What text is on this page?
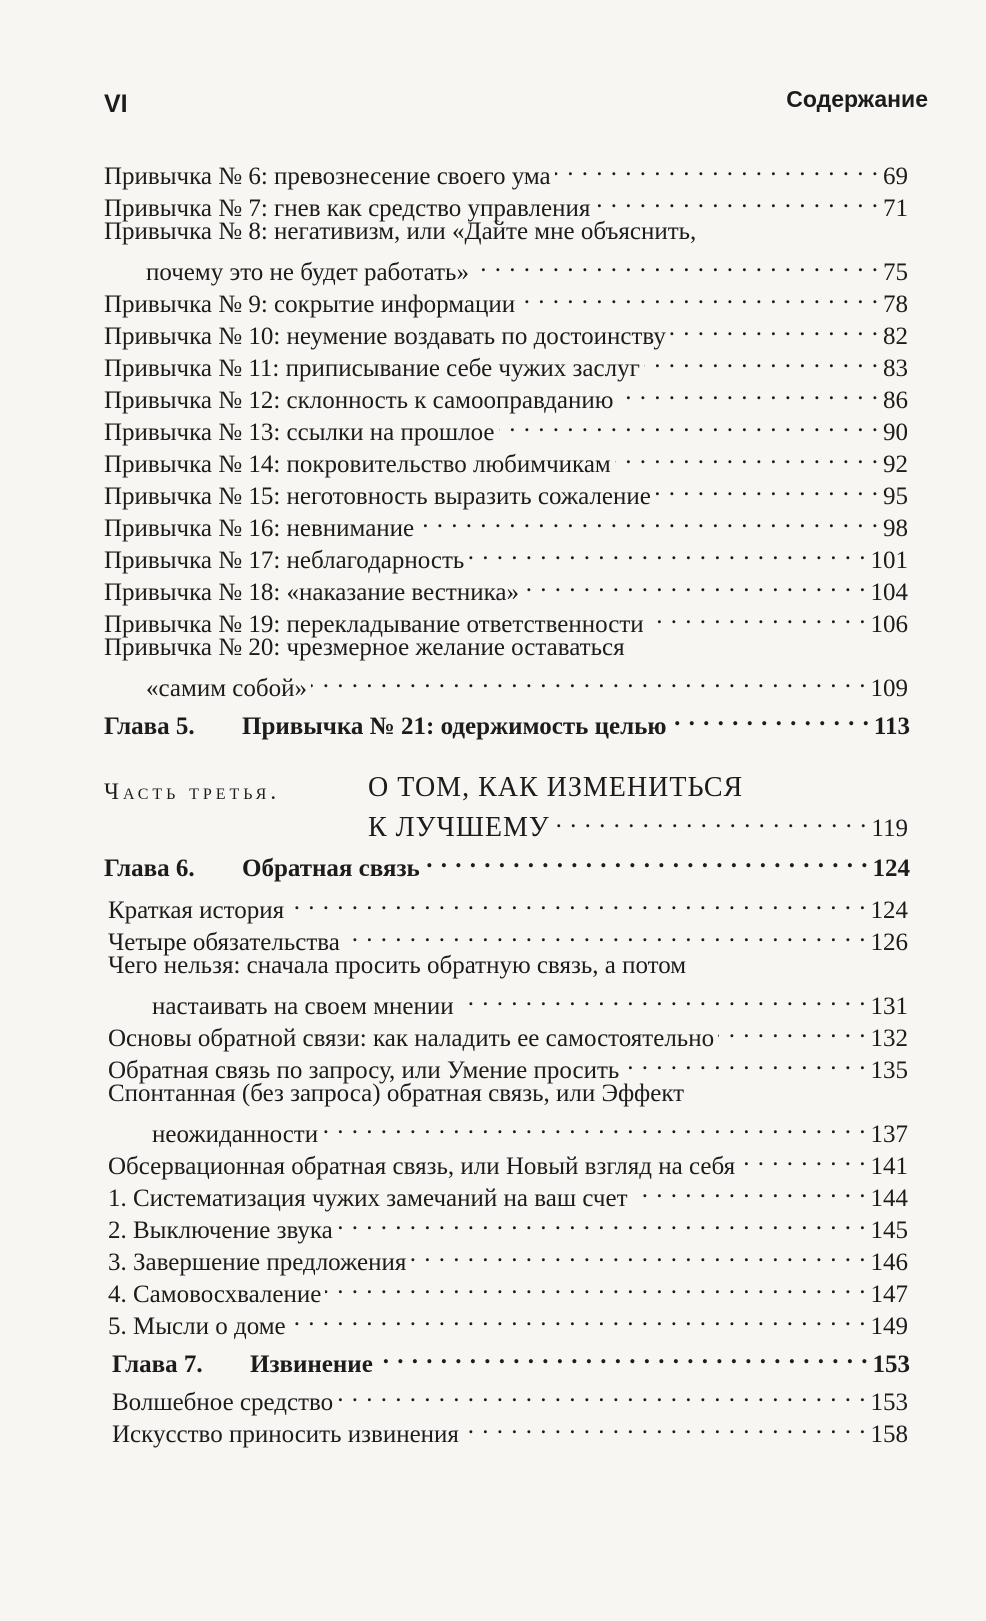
VI	Содержание
Привычка № 6: превознесение своего ума . . .	69
Привычка № 7: гнев как средство управления . . .	71
Привычка № 8: негативизм, или «Дайте мне объяснить,
почему это не будет работать» . . .	75
Привычка № 9: сокрытие информации . . .	78
Привычка № 10: неумение воздавать по достоинству . . .	82
Привычка № 11: приписывание себе чужих заслуг . . .	83
Привычка № 12: склонность к самооправданию . . .	86
Привычка № 13: ссылки на прошлое . . .	90
Привычка № 14: покровительство любимчикам . . .	92
Привычка № 15: неготовность выразить сожаление . . .	95
Привычка № 16: невнимание . . .	98
Привычка № 17: неблагодарность . . .	101
Привычка № 18: «наказание вестника» . . .	104
Привычка № 19: перекладывание ответственности . . .	106
Привычка № 20: чрезмерное желание оставаться
«самим собой» . . .	109
Глава 5. Привычка № 21: одержимость целью . . .	113
Часть третья.	О ТОМ, КАК ИЗМЕНИТЬСЯ
К ЛУЧШЕМУ . . .	119
Глава 6. Обратная связь . . .	124
Краткая история . . .	124
Четыре обязательства . . .	126
Чего нельзя: сначала просить обратную связь, а потом
настаивать на своем мнении . . .	131
Основы обратной связи: как наладить ее самостоятельно . . .	132
Обратная связь по запросу, или Умение просить . . .	135
Спонтанная (без запроса) обратная связь, или Эффект
неожиданности . . .	137
Обсервационная обратная связь, или Новый взгляд на себя . . .	141
1. Систематизация чужих замечаний на ваш счет . . .	144
2. Выключение звука . . .	145
3. Завершение предложения . . .	146
4. Самовосхваление . . .	147
5. Мысли о доме . . .	149
Глава 7. Извинение . . .	153
Волшебное средство . . .	153
Искусство приносить извинения . . .	158
